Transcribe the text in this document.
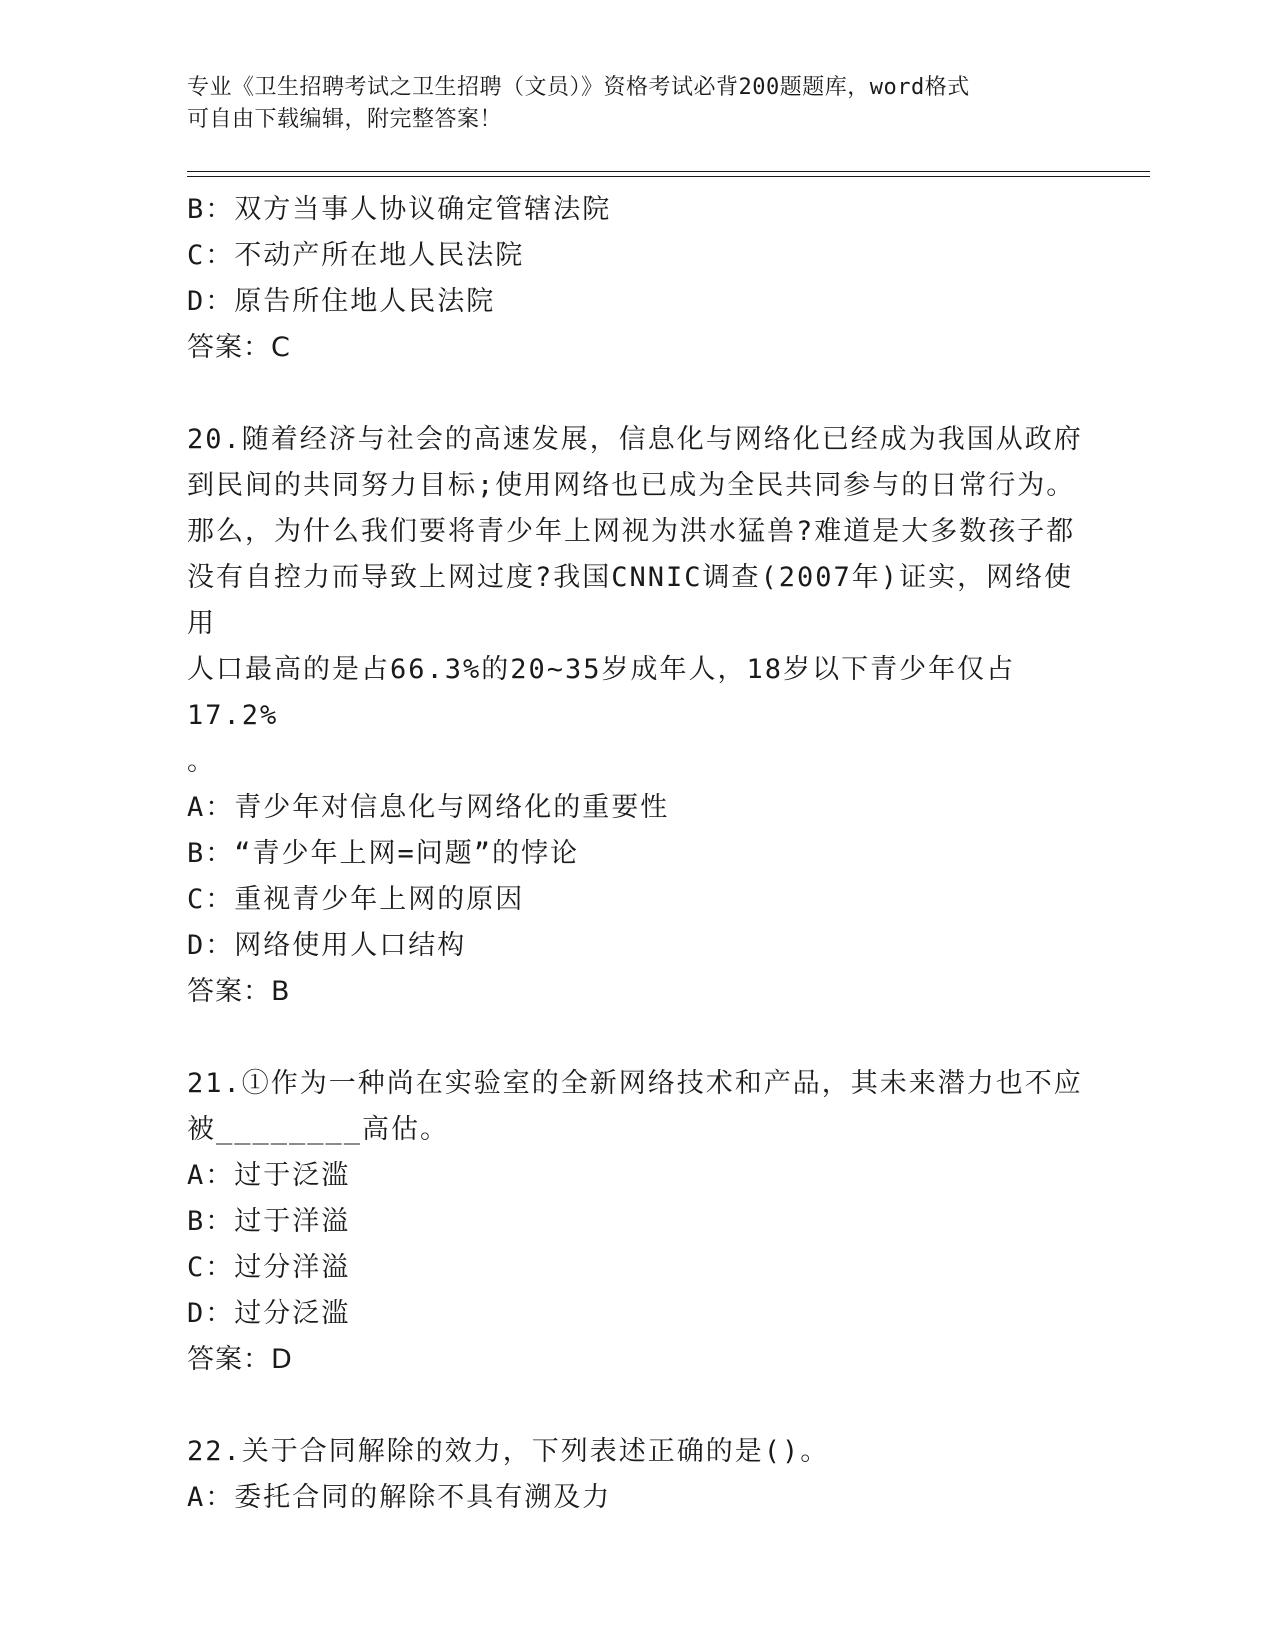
专业《卫生招聘考试之卫生招聘（文员）》资格考试必背200题题库，word格式
可自由下载编辑，附完整答案！
B：双方当事人协议确定管辖法院
C：不动产所在地人民法院
D：原告所住地人民法院
答案：C
20.随着经济与社会的高速发展，信息化与网络化已经成为我国从政府
到民间的共同努力目标;使用网络也已成为全民共同参与的日常行为。
那么，为什么我们要将青少年上网视为洪水猛兽?难道是大多数孩子都
没有自控力而导致上网过度?我国CNNIC调查(2007年)证实，网络使用
人口最高的是占66.3%的20~35岁成年人，18岁以下青少年仅占17.2%
。
A：青少年对信息化与网络化的重要性
B：“青少年上网=问题”的悖论
C：重视青少年上网的原因
D：网络使用人口结构
答案：B
21.①作为一种尚在实验室的全新网络技术和产品，其未来潜力也不应
被________高估。
A：过于泛滥
B：过于洋溢
C：过分洋溢
D：过分泛滥
答案：D
22.关于合同解除的效力，下列表述正确的是()。
A：委托合同的解除不具有溯及力
